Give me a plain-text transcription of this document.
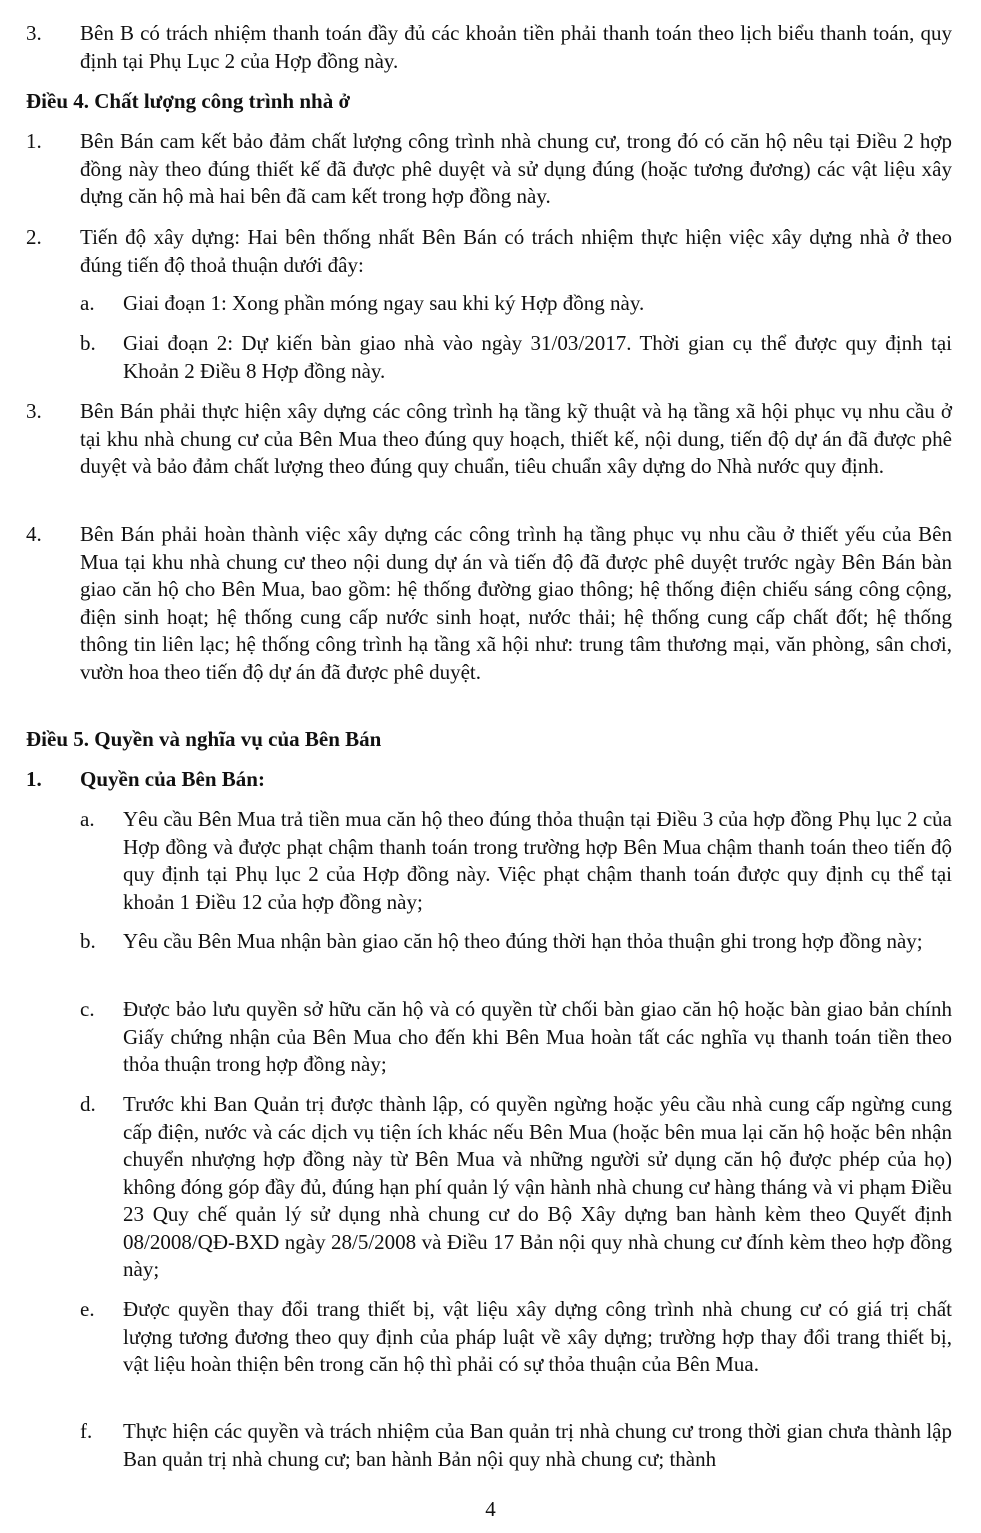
3. Bên B có trách nhiệm thanh toán đầy đủ các khoản tiền phải thanh toán theo lịch biểu thanh toán, quy định tại Phụ Lục 2 của Hợp đồng này.
Điều 4. Chất lượng công trình nhà ở
1. Bên Bán cam kết bảo đảm chất lượng công trình nhà chung cư, trong đó có căn hộ nêu tại Điều 2 hợp đồng này theo đúng thiết kế đã được phê duyệt và sử dụng đúng (hoặc tương đương) các vật liệu xây dựng căn hộ mà hai bên đã cam kết trong hợp đồng này.
2. Tiến độ xây dựng: Hai bên thống nhất Bên Bán có trách nhiệm thực hiện việc xây dựng nhà ở theo đúng tiến độ thoả thuận dưới đây:
a. Giai đoạn 1: Xong phần móng ngay sau khi ký Hợp đồng này.
b. Giai đoạn 2: Dự kiến bàn giao nhà vào ngày 31/03/2017. Thời gian cụ thể được quy định tại Khoản 2 Điều 8 Hợp đồng này.
3. Bên Bán phải thực hiện xây dựng các công trình hạ tầng kỹ thuật và hạ tầng xã hội phục vụ nhu cầu ở tại khu nhà chung cư của Bên Mua theo đúng quy hoạch, thiết kế, nội dung, tiến độ dự án đã được phê duyệt và bảo đảm chất lượng theo đúng quy chuẩn, tiêu chuẩn xây dựng do Nhà nước quy định.
4. Bên Bán phải hoàn thành việc xây dựng các công trình hạ tầng phục vụ nhu cầu ở thiết yếu của Bên Mua tại khu nhà chung cư theo nội dung dự án và tiến độ đã được phê duyệt trước ngày Bên Bán bàn giao căn hộ cho Bên Mua, bao gồm: hệ thống đường giao thông; hệ thống điện chiếu sáng công cộng, điện sinh hoạt; hệ thống cung cấp nước sinh hoạt, nước thải; hệ thống cung cấp chất đốt; hệ thống thông tin liên lạc; hệ thống công trình hạ tầng xã hội như: trung tâm thương mại, văn phòng, sân chơi, vườn hoa theo tiến độ dự án đã được phê duyệt.
Điều 5. Quyền và nghĩa vụ của Bên Bán
1. Quyền của Bên Bán:
a. Yêu cầu Bên Mua trả tiền mua căn hộ theo đúng thỏa thuận tại Điều 3 của hợp đồng Phụ lục 2 của Hợp đồng và được phạt chậm thanh toán trong trường hợp Bên Mua chậm thanh toán theo tiến độ quy định tại Phụ lục 2 của Hợp đồng này. Việc phạt chậm thanh toán được quy định cụ thể tại khoản 1 Điều 12 của hợp đồng này;
b. Yêu cầu Bên Mua nhận bàn giao căn hộ theo đúng thời hạn thỏa thuận ghi trong hợp đồng này;
c. Được bảo lưu quyền sở hữu căn hộ và có quyền từ chối bàn giao căn hộ hoặc bàn giao bản chính Giấy chứng nhận của Bên Mua cho đến khi Bên Mua hoàn tất các nghĩa vụ thanh toán tiền theo thỏa thuận trong hợp đồng này;
d. Trước khi Ban Quản trị được thành lập, có quyền ngừng hoặc yêu cầu nhà cung cấp ngừng cung cấp điện, nước và các dịch vụ tiện ích khác nếu Bên Mua (hoặc bên mua lại căn hộ hoặc bên nhận chuyển nhượng hợp đồng này từ Bên Mua và những người sử dụng căn hộ được phép của họ) không đóng góp đầy đủ, đúng hạn phí quản lý vận hành nhà chung cư hàng tháng và vi phạm Điều 23 Quy chế quản lý sử dụng nhà chung cư do Bộ Xây dựng ban hành kèm theo Quyết định 08/2008/QĐ-BXD ngày 28/5/2008 và Điều 17 Bản nội quy nhà chung cư đính kèm theo hợp đồng này;
e. Được quyền thay đổi trang thiết bị, vật liệu xây dựng công trình nhà chung cư có giá trị chất lượng tương đương theo quy định của pháp luật về xây dựng; trường hợp thay đổi trang thiết bị, vật liệu hoàn thiện bên trong căn hộ thì phải có sự thỏa thuận của Bên Mua.
f. Thực hiện các quyền và trách nhiệm của Ban quản trị nhà chung cư trong thời gian chưa thành lập Ban quản trị nhà chung cư; ban hành Bản nội quy nhà chung cư; thành
4
